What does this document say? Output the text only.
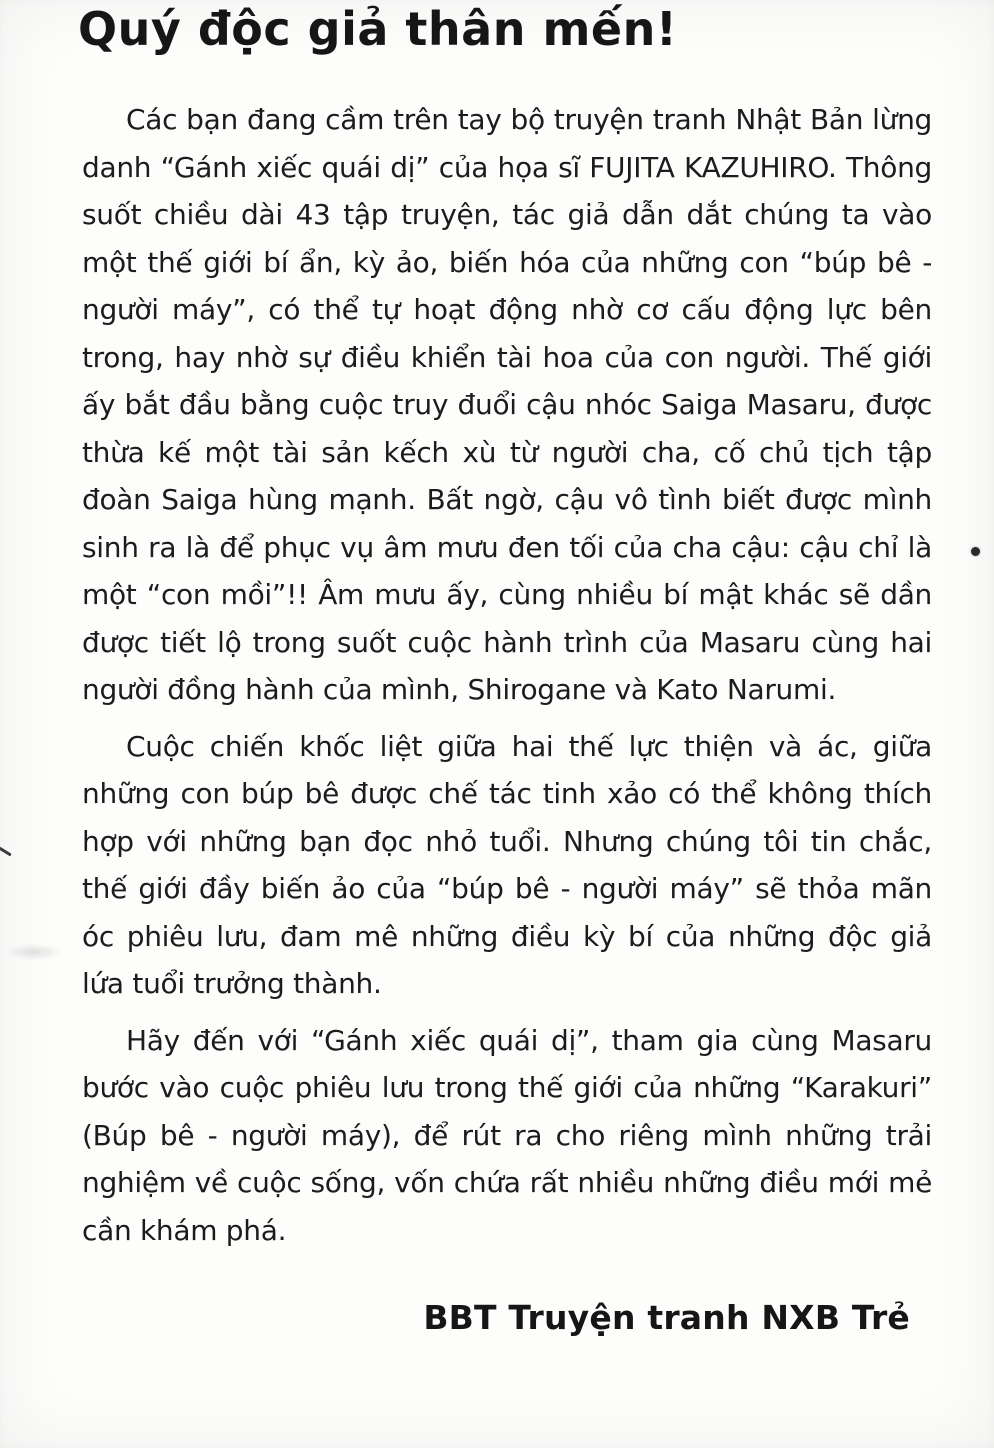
Quý độc giả thân mến!

Các bạn đang cầm trên tay bộ truyện tranh Nhật Bản lừng danh “Gánh xiếc quái dị” của họa sĩ FUJITA KAZUHIRO. Thông suốt chiều dài 43 tập truyện, tác giả dẫn dắt chúng ta vào một thế giới bí ẩn, kỳ ảo, biến hóa của những con “búp bê - người máy”, có thể tự hoạt động nhờ cơ cấu động lực bên trong, hay nhờ sự điều khiển tài hoa của con người. Thế giới ấy bắt đầu bằng cuộc truy đuổi cậu nhóc Saiga Masaru, được thừa kế một tài sản kếch xù từ người cha, cố chủ tịch tập đoàn Saiga hùng mạnh. Bất ngờ, cậu vô tình biết được mình sinh ra là để phục vụ âm mưu đen tối của cha cậu: cậu chỉ là một “con mồi”!! Âm mưu ấy, cùng nhiều bí mật khác sẽ dần được tiết lộ trong suốt cuộc hành trình của Masaru cùng hai người đồng hành của mình, Shirogane và Kato Narumi.

Cuộc chiến khốc liệt giữa hai thế lực thiện và ác, giữa những con búp bê được chế tác tinh xảo có thể không thích hợp với những bạn đọc nhỏ tuổi. Nhưng chúng tôi tin chắc, thế giới đầy biến ảo của “búp bê - người máy” sẽ thỏa mãn óc phiêu lưu, đam mê những điều kỳ bí của những độc giả lứa tuổi trưởng thành.

Hãy đến với “Gánh xiếc quái dị”, tham gia cùng Masaru bước vào cuộc phiêu lưu trong thế giới của những “Karakuri” (Búp bê - người máy), để rút ra cho riêng mình những trải nghiệm về cuộc sống, vốn chứa rất nhiều những điều mới mẻ cần khám phá.

BBT Truyện tranh NXB Trẻ
